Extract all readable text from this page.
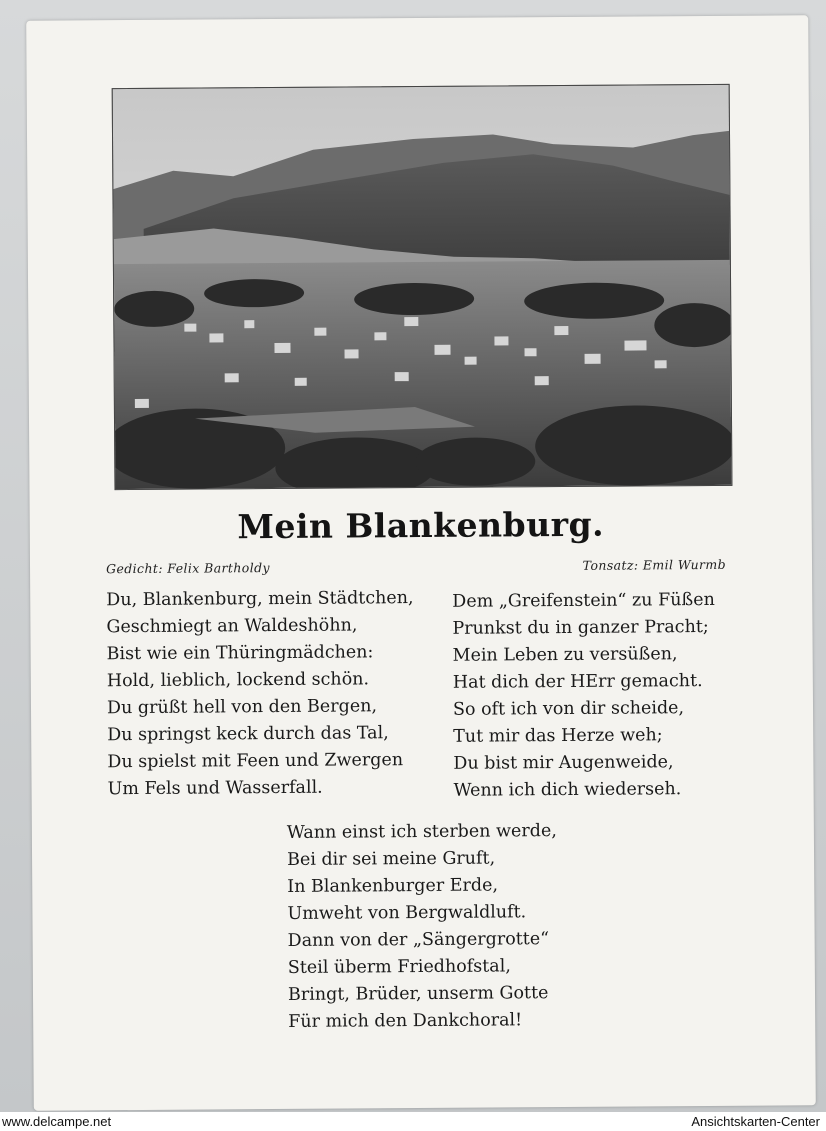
Mein Blankenburg.
Gedicht: Felix Bartholdy	Tonsatz: Emil Wurmb
Du, Blankenburg, mein Städtchen,
Geschmiegt an Waldeshöhn,
Bist wie ein Thüringmädchen:
Hold, lieblich, lockend schön.
Du grüßt hell von den Bergen,
Du springst keck durch das Tal,
Du spielst mit Feen und Zwergen
Um Fels und Wasserfall.
Dem „Greifenstein“ zu Füßen
Prunkst du in ganzer Pracht;
Mein Leben zu versüßen,
Hat dich der HErr gemacht.
So oft ich von dir scheide,
Tut mir das Herze weh;
Du bist mir Augenweide,
Wenn ich dich wiederseh.
Wann einst ich sterben werde,
Bei dir sei meine Gruft,
In Blankenburger Erde,
Umweht von Bergwaldluft.
Dann von der „Sängergrotte“
Steil überm Friedhofstal,
Bringt, Brüder, unserm Gotte
Für mich den Dankchoral!
www.delcampe.net	Ansichtskarten-Center
